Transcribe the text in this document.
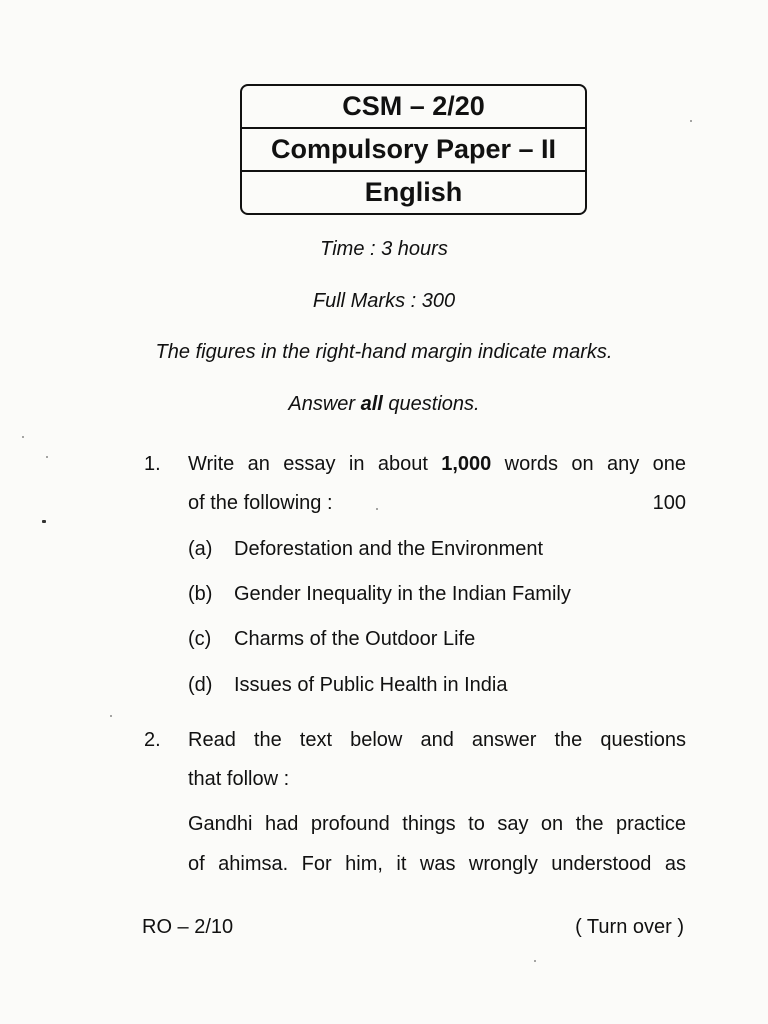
CSM – 2/20
Compulsory Paper – II
English
Time : 3 hours
Full Marks : 300
The figures in the right-hand margin indicate marks.
Answer all questions.
1. Write an essay in about 1,000 words on any one
of the following :	100
(a) Deforestation and the Environment
(b) Gender Inequality in the Indian Family
(c) Charms of the Outdoor Life
(d) Issues of Public Health in India
2. Read the text below and answer the questions
that follow :
Gandhi had profound things to say on the practice
of ahimsa. For him, it was wrongly understood as
RO – 2/10	( Turn over )
